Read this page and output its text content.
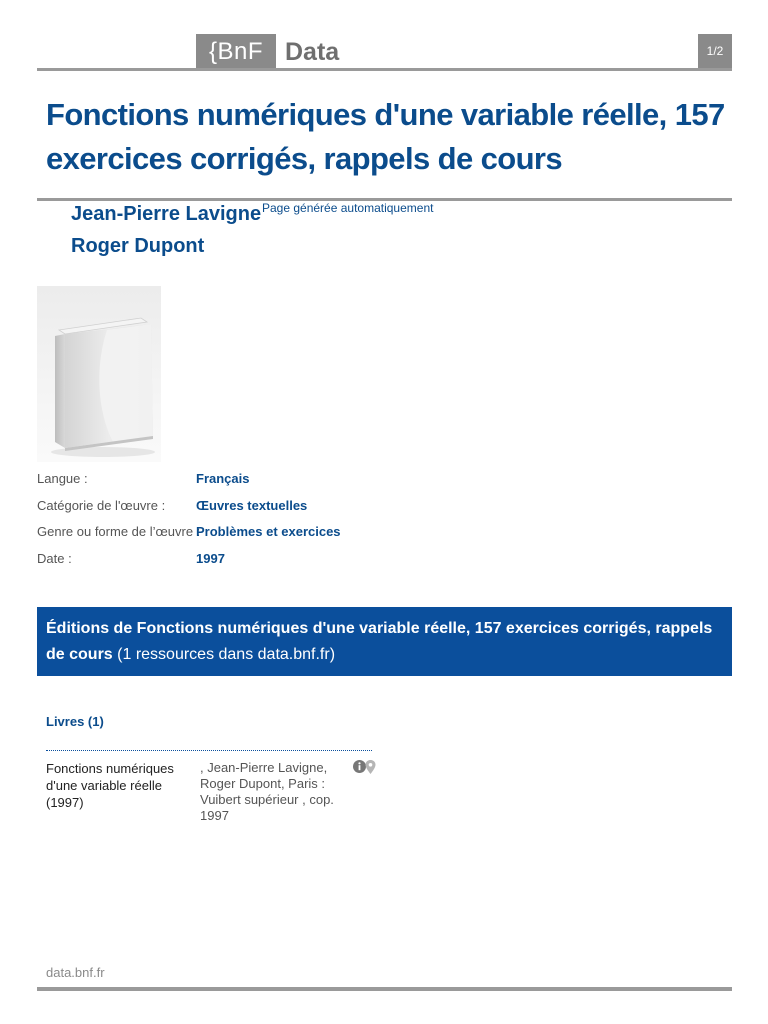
{BnF Data	1/2
Fonctions numériques d'une variable réelle, 157 exercices corrigés, rappels de cours
Jean-Pierre Lavigne Page générée automatiquement
Roger Dupont
Langue :	Français
Catégorie de l'œuvre : Œuvres textuelles
Genre ou forme de l’œuvre :
Problèmes et exercices
Date :	1997
Éditions de Fonctions numériques d'une variable réelle, 157 exercices corrigés, rappels de cours (1 ressources dans data.bnf.fr)
Livres (1)
Fonctions numériques d'une variable réelle (1997)
, Jean-Pierre Lavigne, Roger Dupont, Paris : Vuibert supérieur , cop. 1997
data.bnf.fr
